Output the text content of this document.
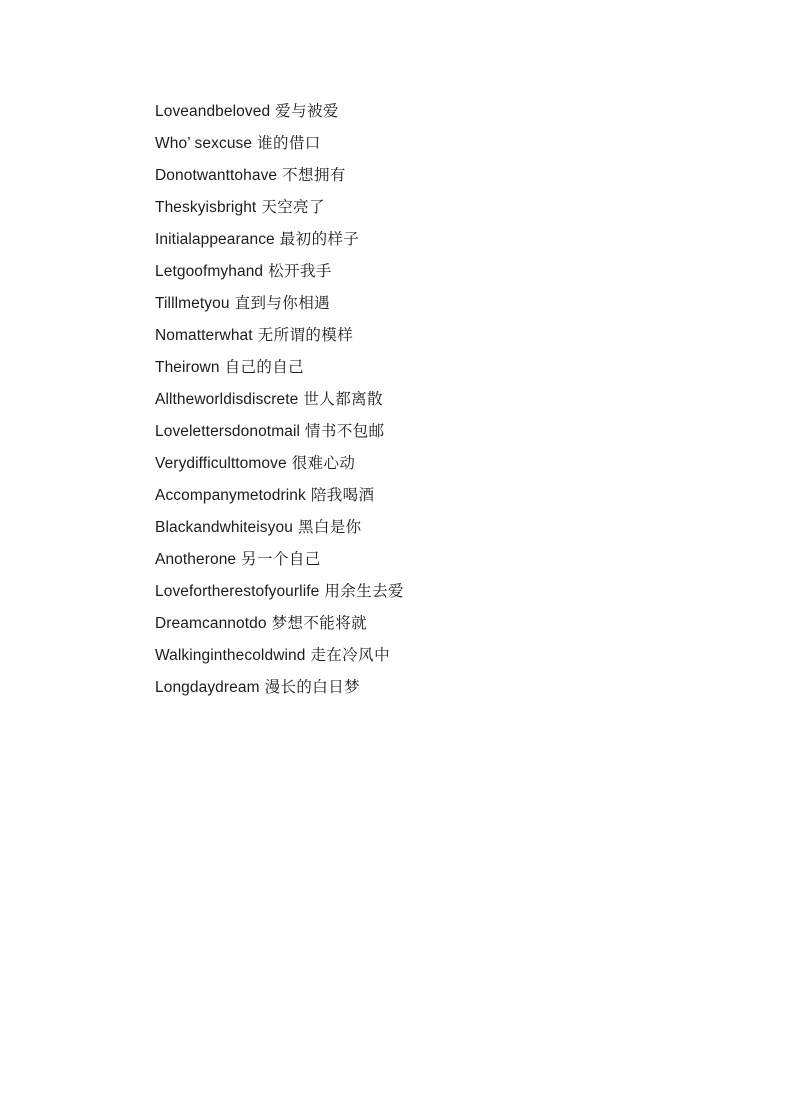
Loveandbeloved 爱与被爱
Who’ sexcuse 谁的借口
Donotwanttohave 不想拥有
Theskyisbright 天空亮了
Initialappearance 最初的样子
Letgoofmyhand 松开我手
Tilllmetyou 直到与你相遇
Nomatterwhat 无所谓的模样
Theirown 自己的自己
Alltheworldisdiscrete 世人都离散
Lovelettersdonotmail 情书不包邮
Verydifficulttomove 很难心动
Accompanymetodrink 陪我喝酒
Blackandwhiteisyou 黑白是你
Anotherone 另一个自己
Lovefortherestofyourlife 用余生去爱
Dreamcannotdo 梦想不能将就
Walkinginthecoldwind 走在冷风中
Longdaydream 漫长的白日梦
